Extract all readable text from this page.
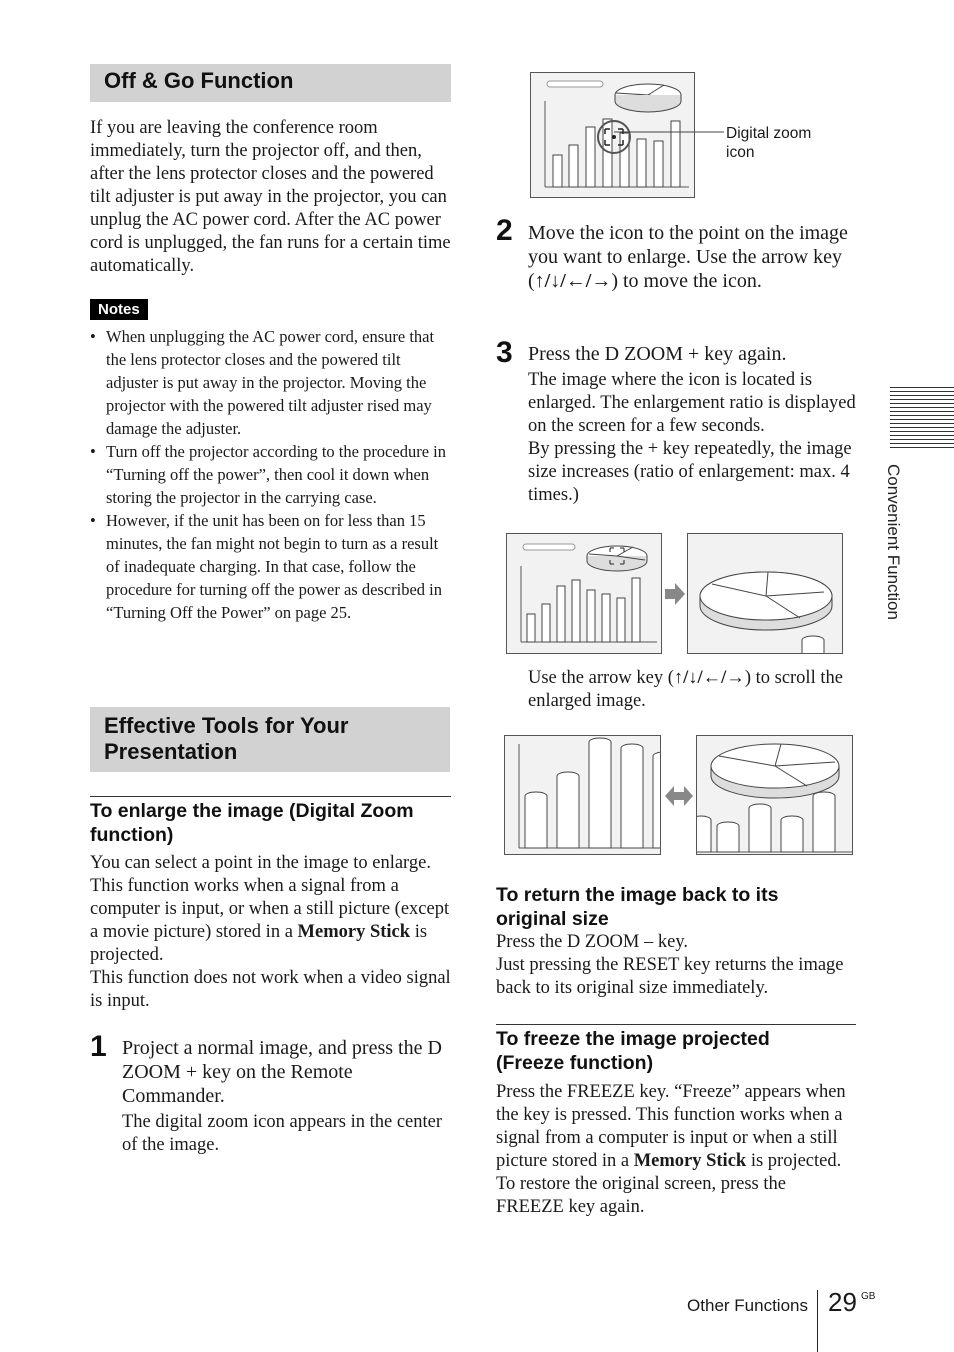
Off & Go Function
If you are leaving the conference room immediately, turn the projector off, and then, after the lens protector closes and the powered tilt adjuster is put away in the projector, you can unplug the AC power cord. After the AC power cord is unplugged, the fan runs for a certain time automatically.
Notes
• When unplugging the AC power cord, ensure that the lens protector closes and the powered tilt adjuster is put away in the projector. Moving the projector with the powered tilt adjuster rised may damage the adjuster.
• Turn off the projector according to the procedure in “Turning off the power”, then cool it down when storing the projector in the carrying case.
• However, if the unit has been on for less than 15 minutes, the fan might not begin to turn as a result of inadequate charging. In that case, follow the procedure for turning off the power as described in “Turning Off the Power” on page 25.
Effective Tools for Your
Presentation
To enlarge the image (Digital Zoom
function)
You can select a point in the image to enlarge. This function works when a signal from a computer is input, or when a still picture (except a movie picture) stored in a Memory Stick is projected.
This function does not work when a video signal is input.
1 Project a normal image, and press the D ZOOM + key on the Remote Commander.
The digital zoom icon appears in the center of the image.
Digital zoom icon
2 Move the icon to the point on the image you want to enlarge. Use the arrow key (↑/↓/←/→) to move the icon.
3 Press the D ZOOM + key again.
The image where the icon is located is enlarged. The enlargement ratio is displayed on the screen for a few seconds.
By pressing the + key repeatedly, the image size increases (ratio of enlargement: max. 4 times.)
Use the arrow key (↑/↓/←/→) to scroll the enlarged image.
To return the image back to its
original size
Press the D ZOOM – key.
Just pressing the RESET key returns the image back to its original size immediately.
To freeze the image projected
(Freeze function)
Press the FREEZE key. “Freeze” appears when the key is pressed. This function works when a signal from a computer is input or when a still picture stored in a Memory Stick is projected.
To restore the original screen, press the FREEZE key again.
Convenient Function
Other Functions 29 GB
